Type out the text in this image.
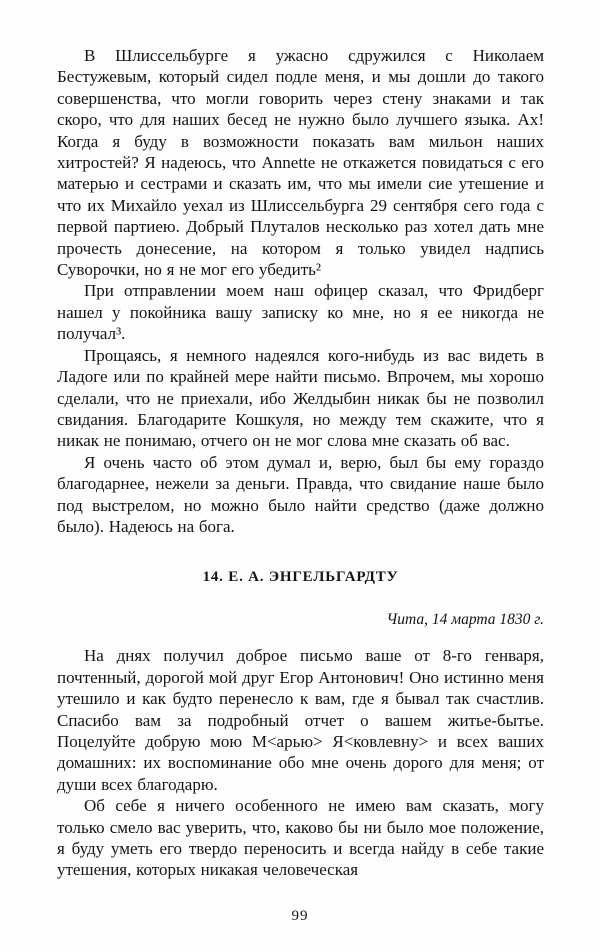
В Шлиссельбурге я ужасно сдружился с Николаем Бестужевым, который сидел подле меня, и мы дошли до такого совершенства, что могли говорить через стену знаками и так скоро, что для наших бесед не нужно было лучшего языка. Ах! Когда я буду в возможности показать вам мильон наших хитростей? Я надеюсь, что Annette не откажется повидаться с его матерью и сестрами и сказать им, что мы имели сие утешение и что их Михайло уехал из Шлиссельбурга 29 сентября сего года с первой партиею. Добрый Плуталов несколько раз хотел дать мне прочесть донесение, на котором я только увидел надпись Суворочки, но я не мог его убедить²

При отправлении моем наш офицер сказал, что Фридберг нашел у покойника вашу записку ко мне, но я ее никогда не получал³.

Прощаясь, я немного надеялся кого-нибудь из вас видеть в Ладоге или по крайней мере найти письмо. Впрочем, мы хорошо сделали, что не приехали, ибо Желдыбин никак бы не позволил свидания. Благодарите Кошкуля, но между тем скажите, что я никак не понимаю, отчего он не мог слова мне сказать об вас.

Я очень часто об этом думал и, верю, был бы ему гораздо благодарнее, нежели за деньги. Правда, что свидание наше было под выстрелом, но можно было найти средство (даже должно было). Надеюсь на бога.

14. Е. А. ЭНГЕЛЬГАРДТУ

Чита, 14 марта 1830 г.

На днях получил доброе письмо ваше от 8-го генваря, почтенный, дорогой мой друг Егор Антонович! Оно истинно меня утешило и как будто перенесло к вам, где я бывал так счастлив. Спасибо вам за подробный отчет о вашем житье-бытье. Поцелуйте добрую мою М<арью> Я<ковлевну> и всех ваших домашних: их воспоминание обо мне очень дорого для меня; от души всех благодарю.

Об себе я ничего особенного не имею вам сказать, могу только смело вас уверить, что, каково бы ни было мое положение, я буду уметь его твердо переносить и всегда найду в себе такие утешения, которых никакая человеческая

99
